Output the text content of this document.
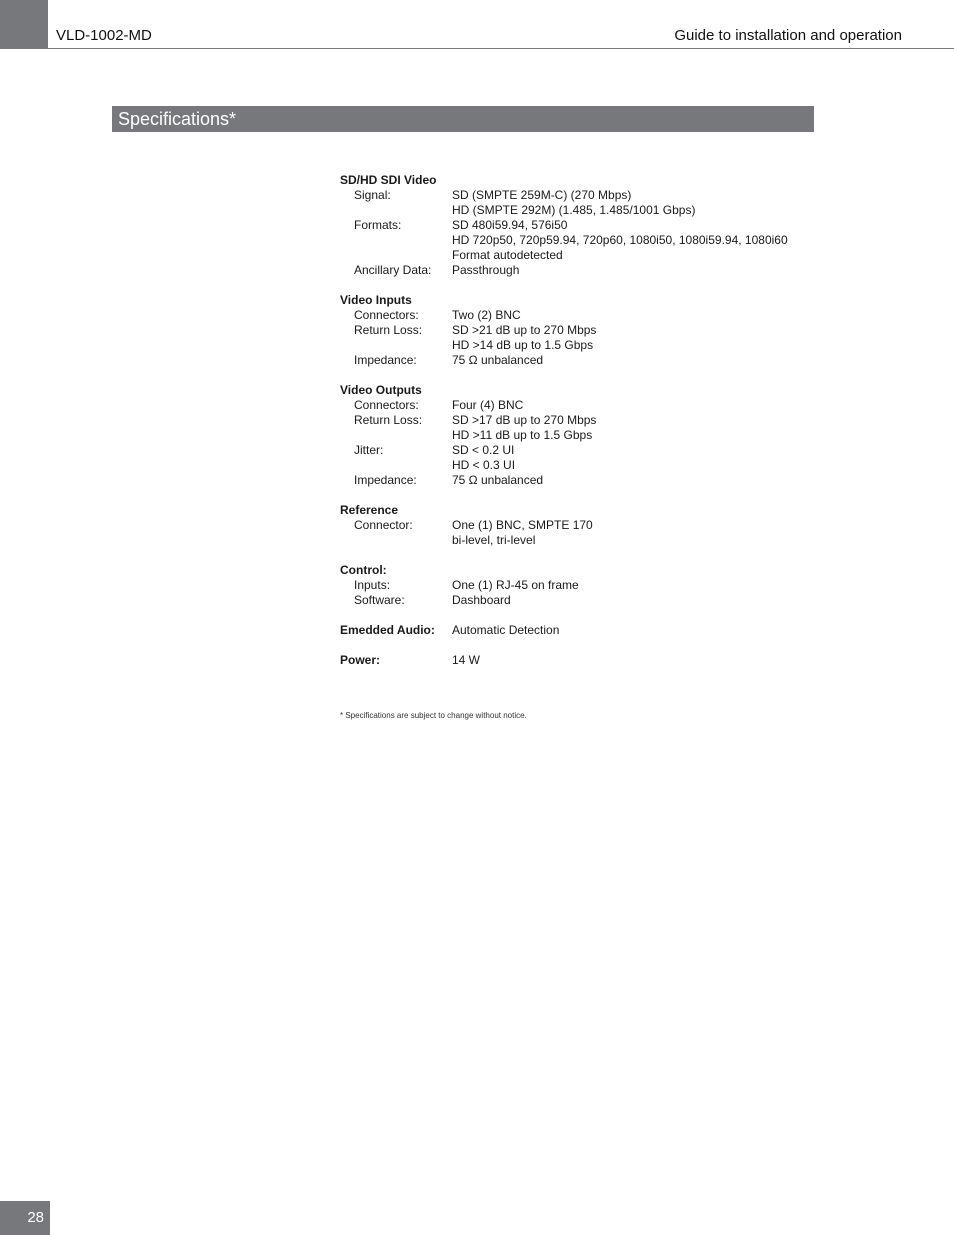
VLD-1002-MD	Guide to installation and operation
Specifications*
SD/HD SDI Video
Signal:	SD (SMPTE 259M-C) (270 Mbps)
HD (SMPTE 292M) (1.485, 1.485/1001 Gbps)
Formats:	SD 480i59.94, 576i50
HD 720p50, 720p59.94, 720p60, 1080i50, 1080i59.94, 1080i60
Format autodetected
Ancillary Data:	Passthrough
Video Inputs
Connectors:	Two (2) BNC
Return Loss:	SD >21 dB up to 270 Mbps
HD >14 dB up to 1.5 Gbps
Impedance:	75 Ω unbalanced
Video Outputs
Connectors:	Four (4) BNC
Return Loss:	SD >17 dB up to 270 Mbps
HD >11 dB up to 1.5 Gbps
Jitter:	SD < 0.2 UI
HD < 0.3 UI
Impedance:	75 Ω unbalanced
Reference
Connector:	One (1) BNC, SMPTE 170
bi-level, tri-level
Control:
Inputs:	One (1) RJ-45 on frame
Software:	Dashboard
Emedded Audio:	Automatic Detection
Power:	14 W
* Specifications are subject to change without notice.
28
